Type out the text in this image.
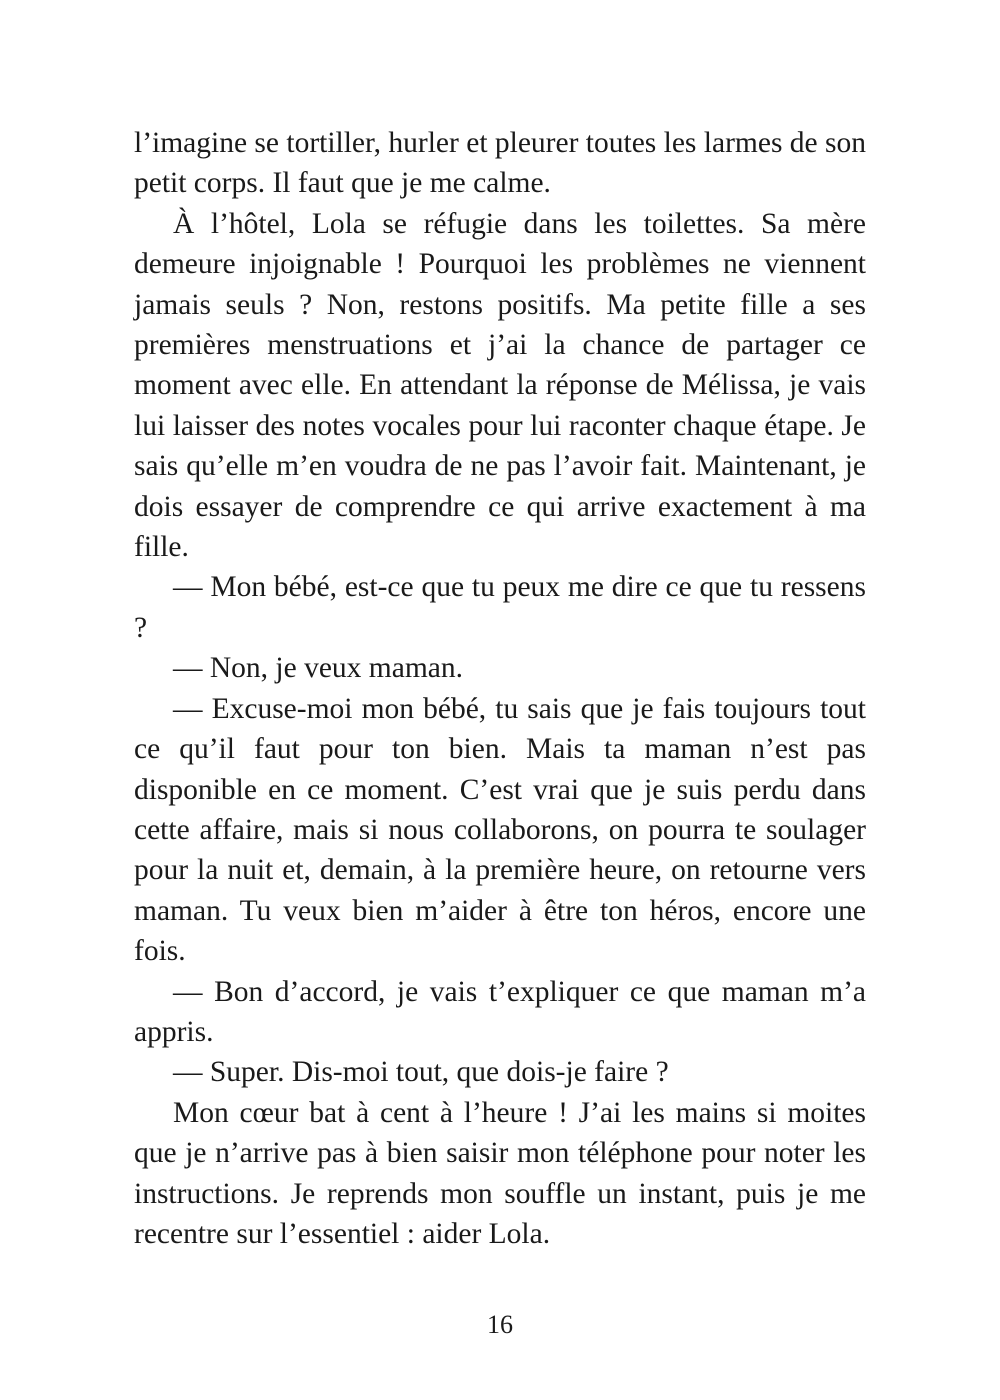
l’imagine se tortiller, hurler et pleurer toutes les larmes de son petit corps. Il faut que je me calme.

À l’hôtel, Lola se réfugie dans les toilettes. Sa mère demeure injoignable ! Pourquoi les problèmes ne viennent jamais seuls ? Non, restons positifs. Ma petite fille a ses premières menstruations et j’ai la chance de partager ce moment avec elle. En attendant la réponse de Mélissa, je vais lui laisser des notes vocales pour lui raconter chaque étape. Je sais qu’elle m’en voudra de ne pas l’avoir fait. Maintenant, je dois essayer de comprendre ce qui arrive exactement à ma fille.

— Mon bébé, est-ce que tu peux me dire ce que tu ressens ?

— Non, je veux maman.

— Excuse-moi mon bébé, tu sais que je fais toujours tout ce qu’il faut pour ton bien. Mais ta maman n’est pas disponible en ce moment. C’est vrai que je suis perdu dans cette affaire, mais si nous collaborons, on pourra te soulager pour la nuit et, demain, à la première heure, on retourne vers maman. Tu veux bien m’aider à être ton héros, encore une fois.

— Bon d’accord, je vais t’expliquer ce que maman m’a appris.

— Super. Dis-moi tout, que dois-je faire ?

Mon cœur bat à cent à l’heure ! J’ai les mains si moites que je n’arrive pas à bien saisir mon téléphone pour noter les instructions. Je reprends mon souffle un instant, puis je me recentre sur l’essentiel : aider Lola.

16
